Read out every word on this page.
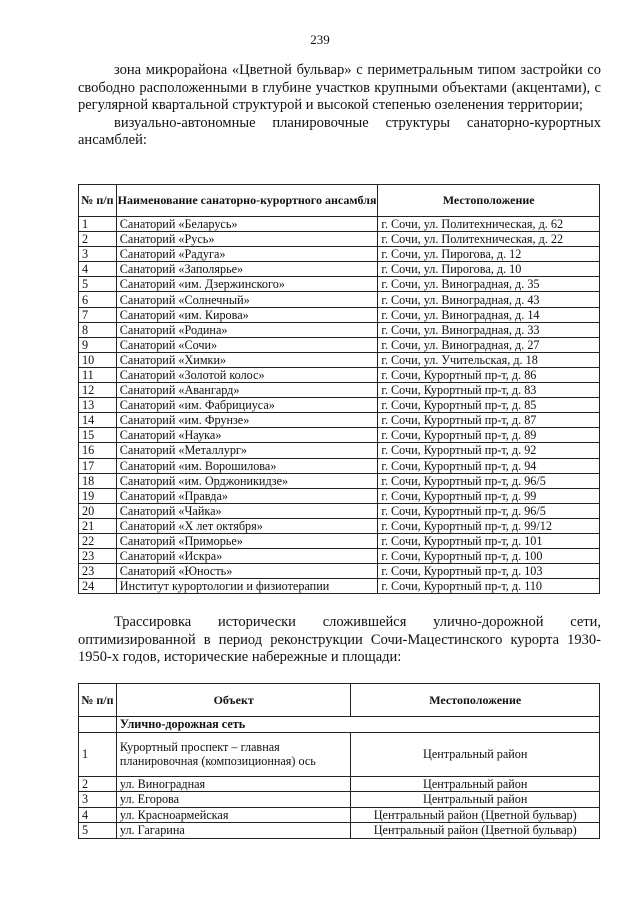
239

зона микрорайона «Цветной бульвар» с периметральным типом застройки со свободно расположенными в глубине участков крупными объектами (акцентами), с регулярной квартальной структурой и высокой степенью озеленения территории;

визуально-автономные планировочные структуры санаторно-курортных ансамблей:

№ п/п	Наименование санаторно-курортного ансамбля	Местоположение
1	Санаторий «Беларусь»	г. Сочи, ул. Политехническая, д. 62
2	Санаторий «Русь»	г. Сочи, ул. Политехническая, д. 22
3	Санаторий «Радуга»	г. Сочи, ул. Пирогова, д. 12
4	Санаторий «Заполярье»	г. Сочи, ул. Пирогова, д. 10
5	Санаторий «им. Дзержинского»	г. Сочи, ул. Виноградная, д. 35
6	Санаторий «Солнечный»	г. Сочи, ул. Виноградная, д. 43
7	Санаторий «им. Кирова»	г. Сочи, ул. Виноградная, д. 14
8	Санаторий «Родина»	г. Сочи, ул. Виноградная, д. 33
9	Санаторий «Сочи»	г. Сочи, ул. Виноградная, д. 27
10	Санаторий «Химки»	г. Сочи, ул. Учительская, д. 18
11	Санаторий «Золотой колос»	г. Сочи, Курортный пр-т, д. 86
12	Санаторий «Авангард»	г. Сочи, Курортный пр-т, д. 83
13	Санаторий «им. Фабрициуса»	г. Сочи, Курортный пр-т, д. 85
14	Санаторий «им. Фрунзе»	г. Сочи, Курортный пр-т, д. 87
15	Санаторий «Наука»	г. Сочи, Курортный пр-т, д. 89
16	Санаторий «Металлург»	г. Сочи, Курортный пр-т, д. 92
17	Санаторий «им. Ворошилова»	г. Сочи, Курортный пр-т, д. 94
18	Санаторий «им. Орджоникидзе»	г. Сочи, Курортный пр-т, д. 96/5
19	Санаторий «Правда»	г. Сочи, Курортный пр-т, д. 99
20	Санаторий «Чайка»	г. Сочи, Курортный пр-т, д. 96/5
21	Санаторий «Х лет октября»	г. Сочи, Курортный пр-т, д. 99/12
22	Санаторий «Приморье»	г. Сочи, Курортный пр-т, д. 101
23	Санаторий «Искра»	г. Сочи, Курортный пр-т, д. 100
23	Санаторий «Юность»	г. Сочи, Курортный пр-т, д. 103
24	Институт курортологии и физиотерапии	г. Сочи, Курортный пр-т, д. 110

Трассировка исторически сложившейся улично-дорожной сети, оптимизированной в период реконструкции Сочи-Мацестинского курорта 1930-1950-х годов, исторические набережные и площади:

№ п/п	Объект	Местоположение
	Улично-дорожная сеть	
1	Курортный проспект – главная планировочная (композиционная) ось	Центральный район
2	ул. Виноградная	Центральный район
3	ул. Егорова	Центральный район
4	ул. Красноармейская	Центральный район (Цветной бульвар)
5	ул. Гагарина	Центральный район (Цветной бульвар)
